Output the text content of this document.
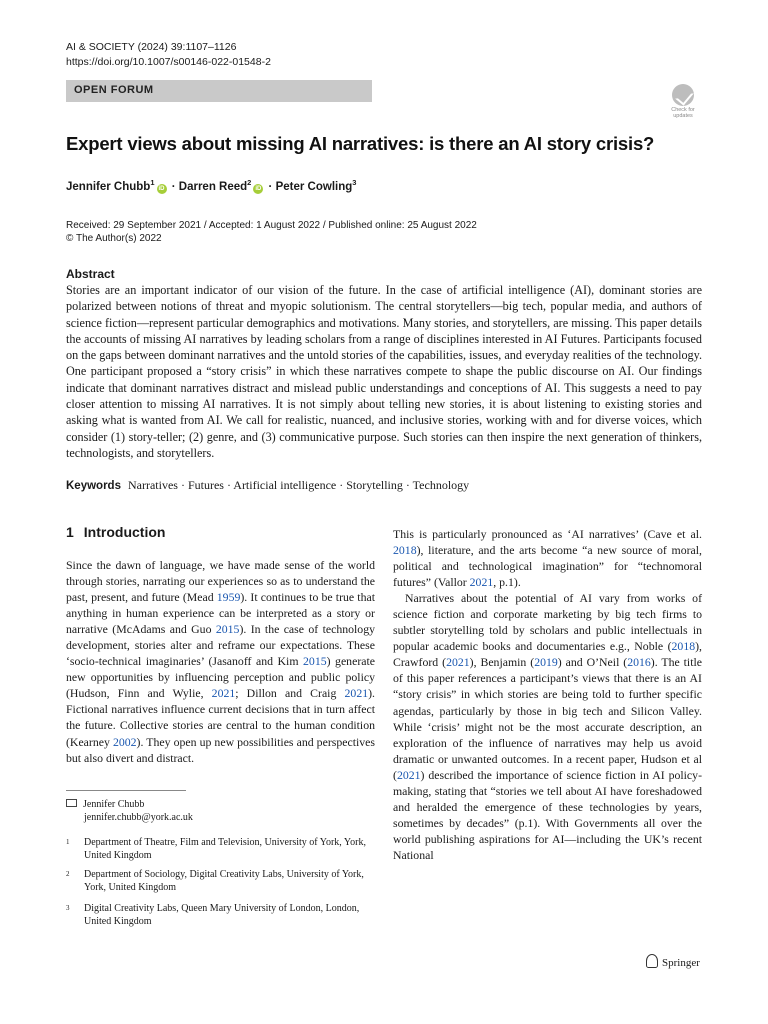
AI & SOCIETY (2024) 39:1107–1126
https://doi.org/10.1007/s00146-022-01548-2
OPEN FORUM
Check for updates
Expert views about missing AI narratives: is there an AI story crisis?
Jennifer Chubb$^1$iD · Darren Reed$^2$iD · Peter Cowling$^3$
Received: 29 September 2021 / Accepted: 1 August 2022 / Published online: 25 August 2022
© The Author(s) 2022
Abstract
Stories are an important indicator of our vision of the future. In the case of artificial intelligence (AI), dominant stories are polarized between notions of threat and myopic solutionism. The central storytellers—big tech, popular media, and authors of science fiction—represent particular demographics and motivations. Many stories, and storytellers, are missing. This paper details the accounts of missing AI narratives by leading scholars from a range of disciplines interested in AI Futures. Participants focused on the gaps between dominant narratives and the untold stories of the capabilities, issues, and everyday realities of the technology. One participant proposed a “story crisis” in which these narratives compete to shape the public discourse on AI. Our findings indicate that dominant narratives distract and mislead public understandings and conceptions of AI. This suggests a need to pay closer attention to missing AI narratives. It is not simply about telling new stories, it is about listening to existing stories and asking what is wanted from AI. We call for realistic, nuanced, and inclusive stories, working with and for diverse voices, which consider (1) story-teller; (2) genre, and (3) communicative purpose. Such stories can then inspire the next generation of thinkers, technologists, and storytellers.
Keywords Narratives · Futures · Artificial intelligence · Storytelling · Technology
1 Introduction

Since the dawn of language, we have made sense of the world through stories, narrating our experiences so as to understand the past, present, and future (Mead 1959). It continues to be true that anything in human experience can be interpreted as a story or narrative (McAdams and Guo 2015). In the case of technology development, stories alter and reframe our expectations. These ‘socio-technical imaginaries’ (Jasanoff and Kim 2015) generate new opportunities by influencing perception and public policy (Hudson, Finn and Wylie, 2021; Dillon and Craig 2021). Fictional narratives influence current decisions that in turn affect the future. Collective stories are central to the human condition (Kearney 2002). They open up new possibilities and perspectives but also divert and distract.

This is particularly pronounced as ‘AI narratives’ (Cave et al. 2018), literature, and the arts become “a new source of moral, political and technological imagination” for “technomoral futures” (Vallor 2021, p.1).

Narratives about the potential of AI vary from works of science fiction and corporate marketing by big tech firms to subtler storytelling told by scholars and public intellectuals in popular academic books and documentaries e.g., Noble (2018), Crawford (2021), Benjamin (2019) and O’Neil (2016). The title of this paper references a participant’s views that there is an AI “story crisis” in which stories are being told to further specific agendas, particularly by those in big tech and Silicon Valley. While ‘crisis’ might not be the most accurate description, an exploration of the influence of narratives may help us avoid dramatic or unwanted outcomes. In a recent paper, Hudson et al (2021) described the importance of science fiction in AI policy-making, stating that “stories we tell about AI have foreshadowed and heralded the emergence of these technologies by years, sometimes by decades” (p.1). With Governments all over the world publishing aspirations for AI—including the UK’s recent National

Jennifer Chubb
jennifer.chubb@york.ac.uk
1 Department of Theatre, Film and Television, University of York, York, United Kingdom
2 Department of Sociology, Digital Creativity Labs, University of York, York, United Kingdom
3 Digital Creativity Labs, Queen Mary University of London, London, United Kingdom
Springer
